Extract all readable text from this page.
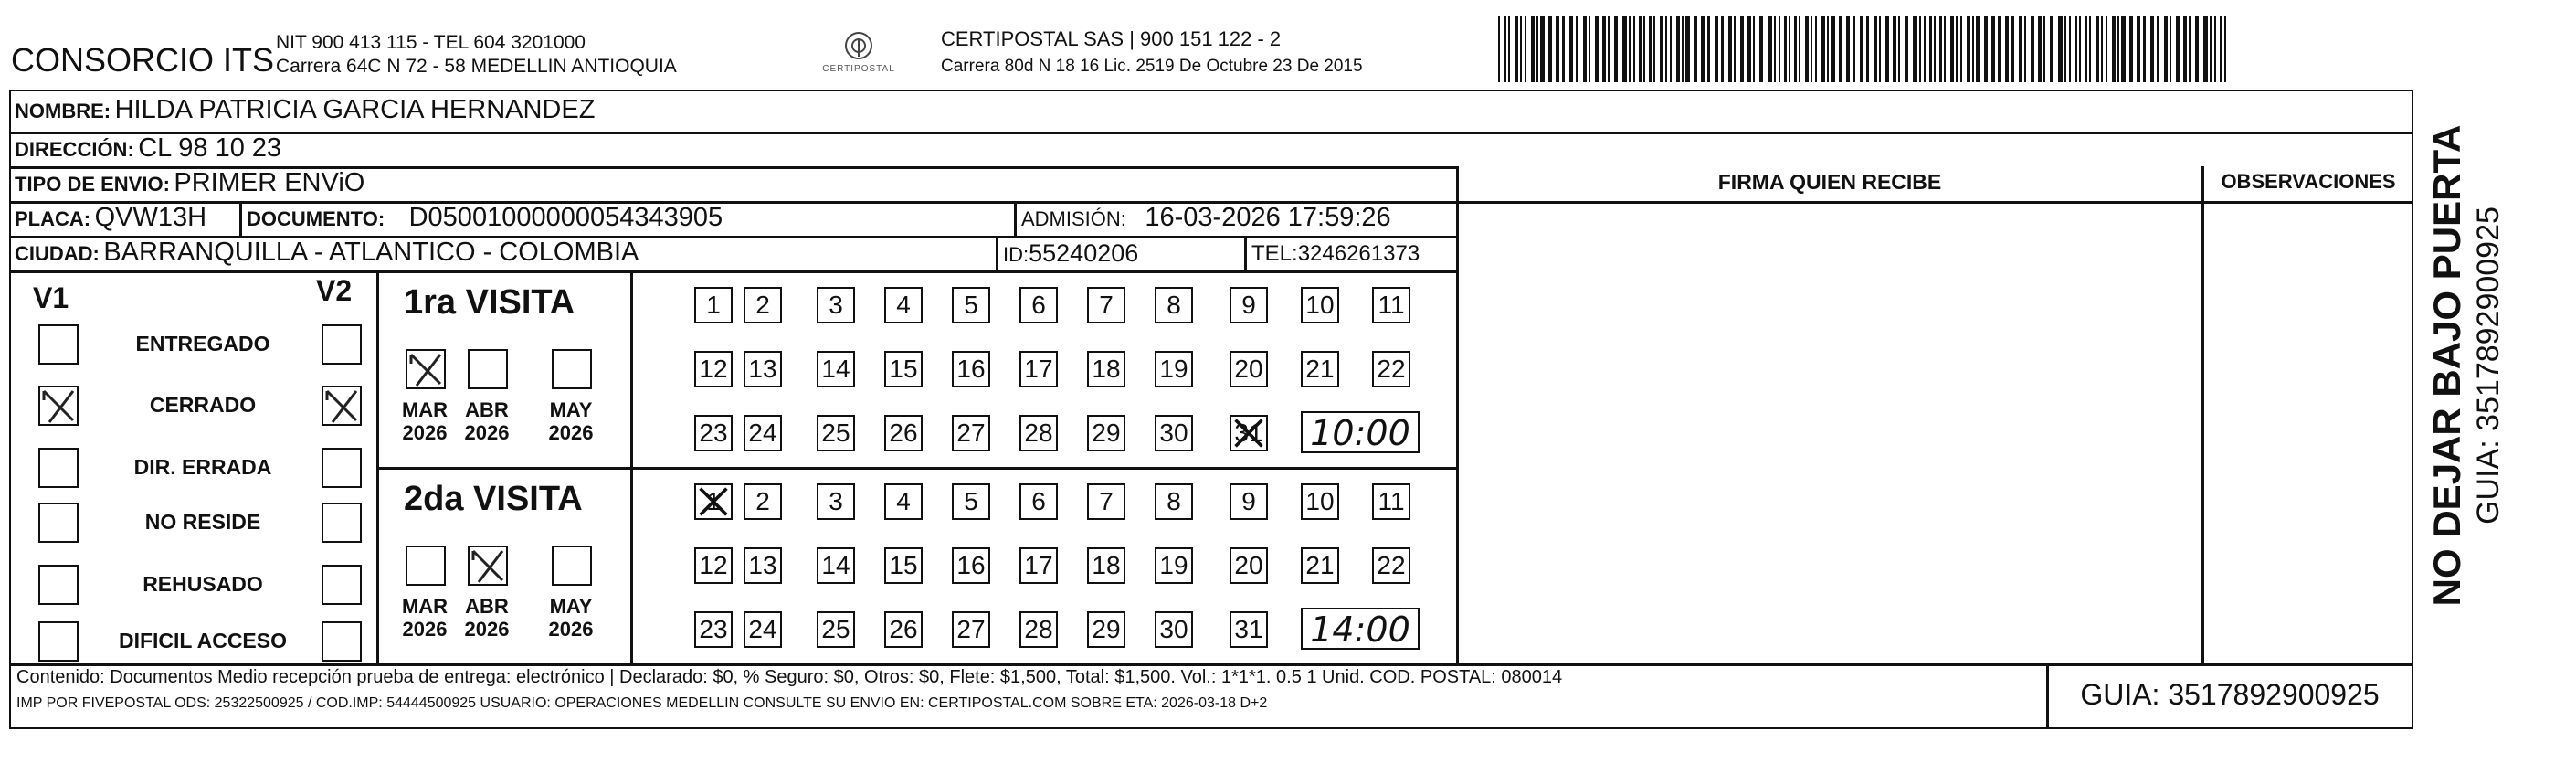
CONSORCIO ITS NIT 900 413 115 - TEL 604 3201000
Carrera 64C N 72 - 58 MEDELLIN ANTIOQUIA	CERTIPOSTAL
CERTIPOSTAL SAS | 900 151 122 - 2
Carrera 80d N 18 16 Lic. 2519 De Octubre 23 De 2015
NOMBRE: HILDA PATRICIA GARCIA HERNANDEZ
DIRECCIÓN: CL 98 10 23
TIPO DE ENVIO: PRIMER ENViO
PLACA: QVW13H DOCUMENTO: D05001000000054343905	ADMISIÓN: 16-03-2026 17:59:26
CIUDAD: BARRANQUILLA - ATLANTICO - COLOMBIA	ID:55240206	TEL:3246261373
FIRMA QUIEN RECIBE	OBSERVACIONES
V1	V2
ENTREGADO
CERRADO
DIR. ERRADA
NO RESIDE
REHUSADO
DIFICIL ACCESO
1ra VISITA
MAR
2026
ABR
2026
MAY
2026
1	2	3	4	5	6	7	8	9	10 11
12 13 14 15 16 17 18 19 20 21 22
23 24 25 26 27 28 29 30 31 10:00
2da VISITA
MAR
2026
ABR
2026
MAY
2026
1	2	3	4	5	6	7	8	9	10 11
12 13 14 15 16 17 18 19 20 21 22
23 24 25 26 27 28 29 30 31 14:00
Contenido: Documentos Medio recepción prueba de entrega: electrónico | Declarado: $0, % Seguro: $0, Otros: $0, Flete: $1,500, Total: $1,500. Vol.: 1*1*1. 0.5 1 Unid. COD. POSTAL: 080014
IMP POR FIVEPOSTAL ODS: 25322500925 / COD.IMP: 54444500925 USUARIO: OPERACIONES MEDELLIN CONSULTE SU ENVIO EN: CERTIPOSTAL.COM SOBRE ETA: 2026-03-18 D+2	GUIA: 3517892900925
NO DEJAR BAJO PUERTA GUIA: 3517892900925
